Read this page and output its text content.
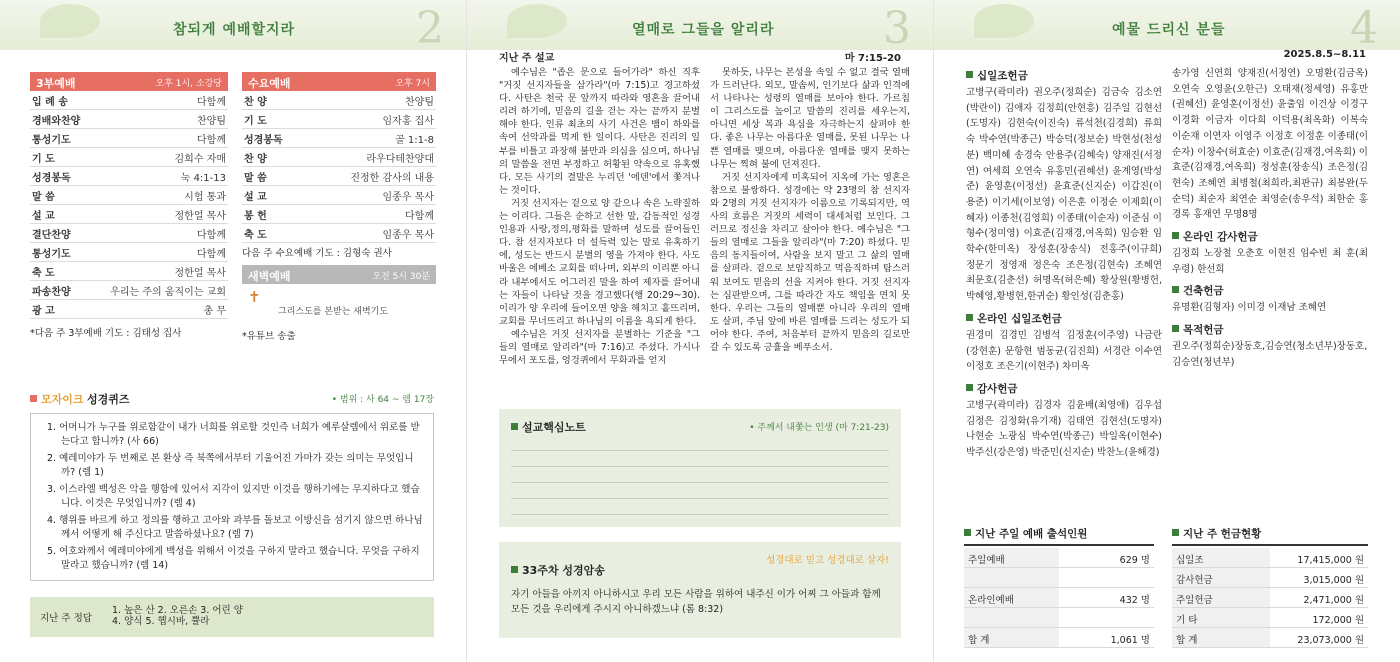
참되게 예배할지라	2
3부예배	오후 1시, 소강당
입 례 송	다함께
경배와찬양	찬양팀
통성기도	다함께
기 도	김희수 자매
성경봉독	눅 4:1-13
말 씀	시험 통과
설 교	정한얼 목사
결단찬양	다함께
통성기도	다함께
축 도	정한얼 목사
파송찬양	우리는 주의 움직이는 교회
광 고	총 무
*다음 주 3부예배 기도 : 김태성 집사
수요예배	오후 7시
찬 양	찬양팀
기 도	임자홍 집사
성경봉독	골 1:1-8
찬 양	라우다테찬양대
말 씀	진정한 감사의 내용
설 교	임종우 목사
봉 헌	다함께
축 도	임종우 목사
다음 주 수요예배 기도 : 김형숙 권사
새벽예배	오전 5시 30분
✝
그리스도를 본받는 새벽기도
*유튜브 송출
모자이크 성경퀴즈	• 범위 : 사 64 ~ 렘 17장
1. 어머니가 누구를 위로함같이 내가 너희를 위로할 것인즉 너희가 예루살렘에서 위로를 받는다고 합니까? (사 66)
2. 예레미야가 두 번째로 본 환상 즉 북쪽에서부터 기울어진 가마가 갖는 의미는 무엇입니까? (렘 1)
3. 이스라엘 백성은 악을 행함에 있어서 지각이 있지만 이것을 행하기에는 무지하다고 했습니다. 이것은 무엇입니까? (렘 4)
4. 행위를 바르게 하고 정의를 행하고 고아와 과부를 돌보고 이방신을 섬기지 않으면 하나님께서 어떻게 해 주신다고 말씀하셨나요? (렘 7)
5. 여호와께서 예레미야에게 백성을 위해서 이것을 구하지 말라고 했습니다. 무엇을 구하지 말라고 했습니까? (렘 14)
지난 주 정답
1. 높은 산 2. 오른손 3. 어린 양
4. 양식 5. 헵시바, 쁄라
열매로 그들을 알리라 3
지난 주 설교	마 7:15-20

예수님은 "좁은 문으로 들어가라" 하신 직후 "거짓 선지자들을 삼가라"(마 7:15)고 경고하셨다. 사탄은 천국 문 앞까지 따라와 영혼을 끌어내리려 하기에, 믿음의 길을 걷는 자는 끝까지 분별해야 한다. 인류 최초의 사기 사건은 뱀이 하와를 속여 선악과를 먹게 한 일이다. 사탄은 진리의 일부를 비틀고 과장해 불만과 의심을 심으며, 하나님의 말씀을 전면 부정하고 허황된 약속으로 유혹했다. 모든 사기의 결말은 누리던 '에덴'에서 쫓겨나는 것이다.

거짓 선지자는 겉으로 양 같으나 속은 노략질하는 이리다. 그들은 순하고 선한 말, 감동적인 성경 인용과 사랑,정의,평화를 말하며 성도를 끌어들인다. 참 선지자보다 더 설득력 있는 말로 유혹하기에, 성도는 반드시 분별의 영을 가져야 한다. 사도 바울은 에베소 교회를 떠나며, 외부의 이리뿐 아니라 내부에서도 어그러진 말을 하여 제자를 끌어내는 자들이 나타날 것을 경고했다(행 20:29~30). 이리가 양 우리에 들어오면 양을 해치고 흩뜨리며, 교회를 무너뜨리고 하나님의 이름을 욕되게 한다.

예수님은 거짓 선지자를 분별하는 기준을 "그들의 열매로 알리라"(마 7:16)고 주셨다. 가시나무에서 포도를, 엉겅퀴에서 무화과를 얻지

못하듯, 나무는 본성을 속일 수 없고 결국 열매가 드러난다. 외모, 말솜씨, 인기보다 삶과 인격에서 나타나는 성령의 열매를 보아야 한다. 가르침이 그리스도를 높이고 말씀의 진리를 세우는지, 아니면 세상 복과 욕심을 자극하는지 살펴야 한다. 좋은 나무는 아름다운 열매를, 못된 나무는 나쁜 열매를 맺으며, 아름다운 열매를 맺지 못하는 나무는 찍혀 불에 던져진다.

거짓 선지자에게 미혹되어 지옥에 가는 영혼은 참으로 불쌍하다. 성경에는 약 23명의 참 선지자와 2명의 거짓 선지자가 이름으로 기록되지만, 역사의 흐름은 거짓의 세력이 대세처럼 보인다. 그러므로 정신을 차리고 살아야 한다. 예수님은 "그들의 열매로 그들을 알리라"(마 7:20) 하셨다. 믿음의 동지들이여, 사람을 보지 말고 그 삶의 열매를 살펴라. 겉으로 보암직하고 먹음직하며 탐스러워 보여도 믿음의 선을 지켜야 한다. 거짓 선지자는 심판받으며, 그를 따라간 자도 책임을 면치 못한다. 우리는 그들의 열매뿐 아니라 우리의 열매도 살펴, 주님 앞에 바른 열매를 드리는 성도가 되어야 한다. 주여, 처음부터 끝까지 믿음의 길로만 갈 수 있도록 긍휼을 베푸소서.

설교핵심노트	• 주께서 내쫓는 인생 (마 7:21-23)
33주차 성경암송
성경대로 믿고 성경대로 살자!
자기 아들을 아끼지 아니하시고 우리 모든 사람을 위하여 내주신 이가 어찌 그 아들과 함께 모든 것을 우리에게 주시지 아니하겠느냐 (롬 8:32)
예물 드리신 분들	4
2025.8.5~8.11
십일조헌금
고병구(곽미라) 권오주(정희순) 김금숙 김소연(박란이) 김애자 김정희(안현흥) 김주일 김현선(도명자) 김현숙(이진숙) 류석천(김경희) 류희숙 박수연(박종근) 박승덕(정보순) 박현성(천성분) 백미혜 송경숙 안용주(김혜숙) 양재진(서정연) 여세희 오연숙 유홍민(권혜선) 윤계영(박성준) 윤영훈(이정선) 윤효준(신지순) 이갑진(이용준) 이기세(이보영) 이은훈 이정순 이제희(이혜자) 이종천(김영희) 이종태(이순자) 이준심 이형수(정미영) 이효준(김재경,여옥희) 임승환 임학수(한미옥) 장성훈(장송식) 전홍주(이규희) 정문기 정영재 정은숙 조은정(김현숙) 조혜연 최문호(김춘선) 허명옥(허은혜) 황상원(황병헌,박혜영,황병현,한귀순) 황인성(김춘홍)
온라인 십일조헌금
권경미 김경민 김병석 김정훈(이주영) 나금란(강현훈) 문항현 범동균(김진희) 서경란 이수연 이정호 조은기(이현주) 차미옥
감사헌금
고병구(곽미라) 김경자 김윤배(최영애) 김우섭 김정은 김정화(유기재) 김태연 김현선(도명자) 나현순 노광심 박수연(박종근) 박일옥(이현수) 박주신(강은영) 박준민(신지순) 박찬노(윤해경)
송가영 신연희 양재진(서정연) 오명환(김금옥) 오연숙 오영윤(오한근) 오태재(정세영) 유홍만(권혜선) 윤영훈(이정선) 윤출임 이건상 이경구 이경화 이금자 이다희 이덕용(최옥화) 이복숙 이순재 이연자 이영주 이정호 이정훈 이종태(이순자) 이창수(허효순) 이효준(김재경,여옥희) 이효준(김재경,여옥희) 정성훈(장송식) 조은정(김현숙) 조혜연 최병철(최희라,최판규) 최봉완(두순덕) 최순자 최연순 최영순(송우석) 최한순 홍경록 홍재연 무명8명
온라인 감사헌금
김정희 노장철 오춘호 이현진 임수빈 최 훈(최우령) 한선희
건축헌금
유명환(김형자) 이미경 이재남 조혜연
목적헌금
권오주(정희순)장동호,김승연(청소년부)장동호, 김승연(청년부)
지난 주일 예배 출석인원
주일예배	629 명
온라인예배	432 명
합 계	1,061 명
지난 주 헌금현황
십일조	17,415,000 원
감사헌금	3,015,000 원
주일헌금	2,471,000 원
기 타	172,000 원
합 계	23,073,000 원
